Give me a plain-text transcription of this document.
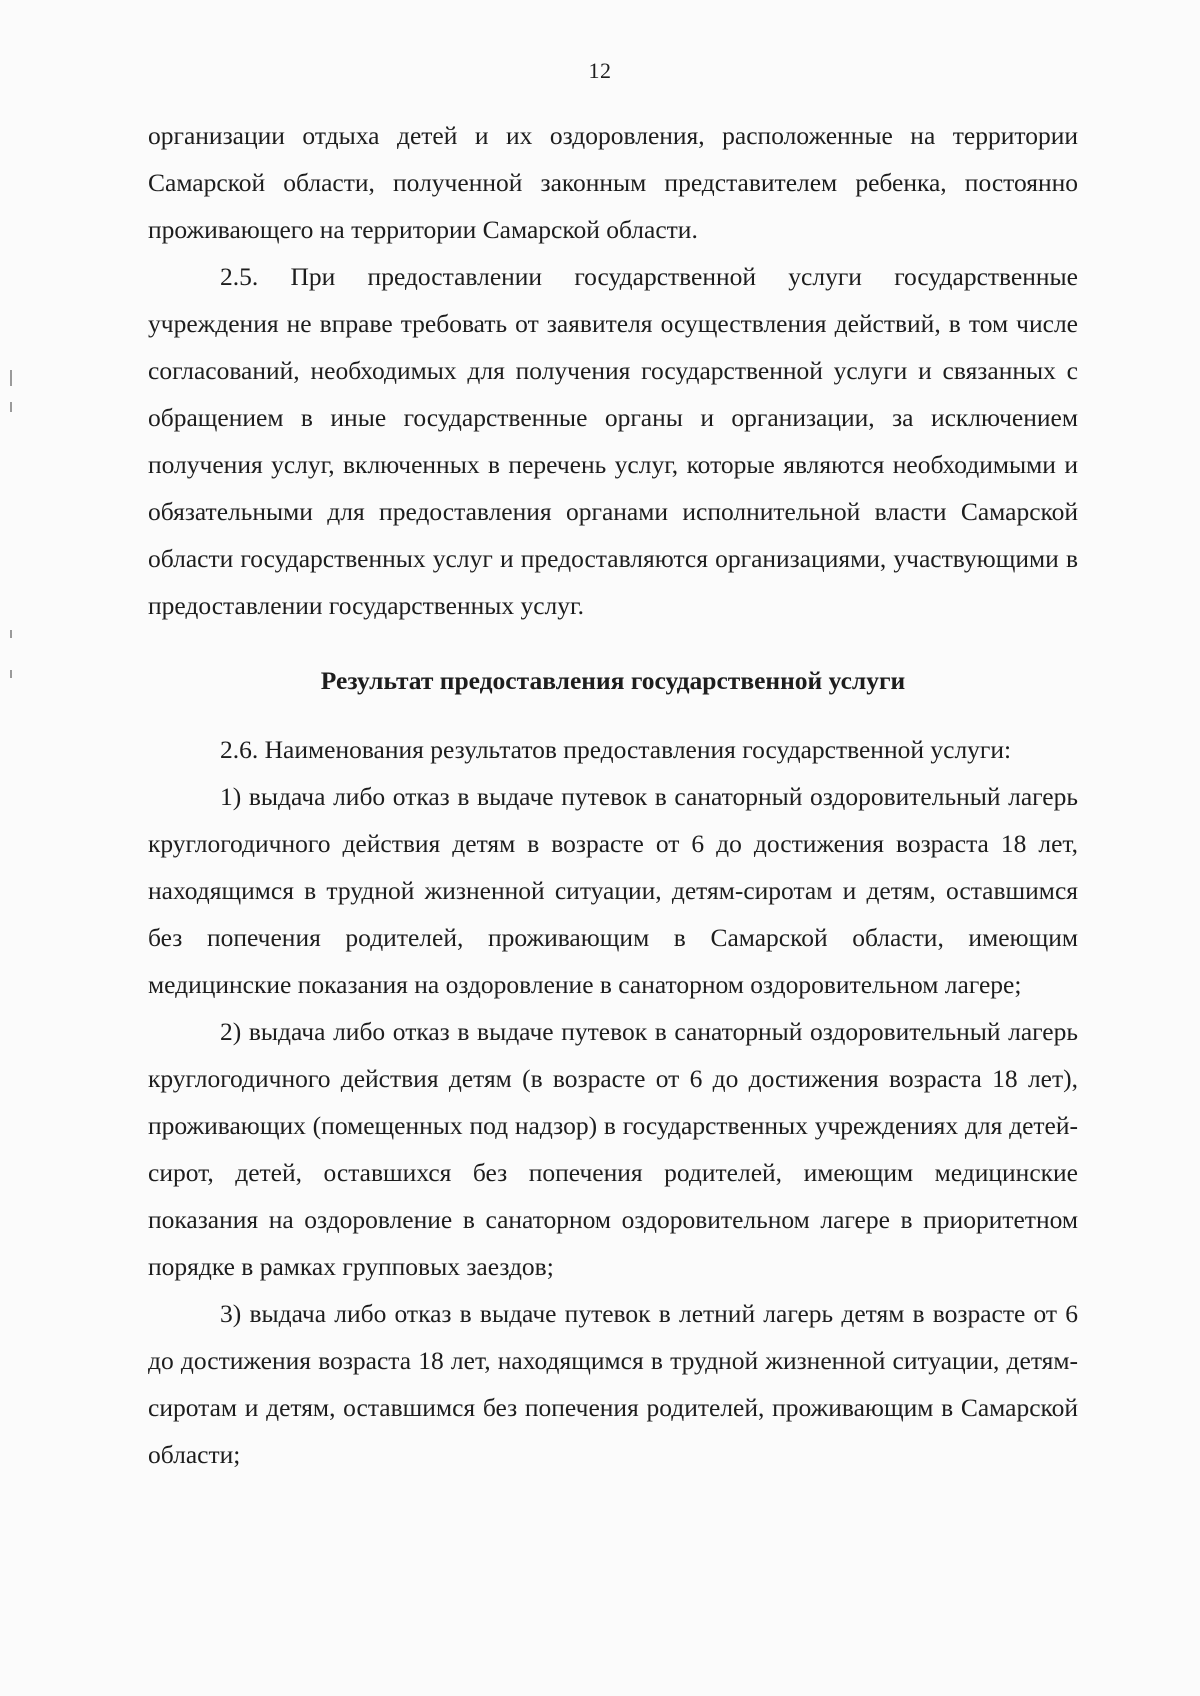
12

организации отдыха детей и их оздоровления, расположенные на территории Самарской области, полученной законным представителем ребенка, постоянно проживающего на территории Самарской области.

2.5. При предоставлении государственной услуги государственные учреждения не вправе требовать от заявителя осуществления действий, в том числе согласований, необходимых для получения государственной услуги и связанных с обращением в иные государственные органы и организации, за исключением получения услуг, включенных в перечень услуг, которые являются необходимыми и обязательными для предоставления органами исполнительной власти Самарской области государственных услуг и предоставляются организациями, участвующими в предоставлении государственных услуг.

Результат предоставления государственной услуги

2.6. Наименования результатов предоставления государственной услуги:

1) выдача либо отказ в выдаче путевок в санаторный оздоровительный лагерь круглогодичного действия детям в возрасте от 6 до достижения возраста 18 лет, находящимся в трудной жизненной ситуации, детям-сиротам и детям, оставшимся без попечения родителей, проживающим в Самарской области, имеющим медицинские показания на оздоровление в санаторном оздоровительном лагере;

2) выдача либо отказ в выдаче путевок в санаторный оздоровительный лагерь круглогодичного действия детям (в возрасте от 6 до достижения возраста 18 лет), проживающих (помещенных под надзор) в государственных учреждениях для детей-сирот, детей, оставшихся без попечения родителей, имеющим медицинские показания на оздоровление в санаторном оздоровительном лагере в приоритетном порядке в рамках групповых заездов;

3) выдача либо отказ в выдаче путевок в летний лагерь детям в возрасте от 6 до достижения возраста 18 лет, находящимся в трудной жизненной ситуации, детям-сиротам и детям, оставшимся без попечения родителей, проживающим в Самарской области;
